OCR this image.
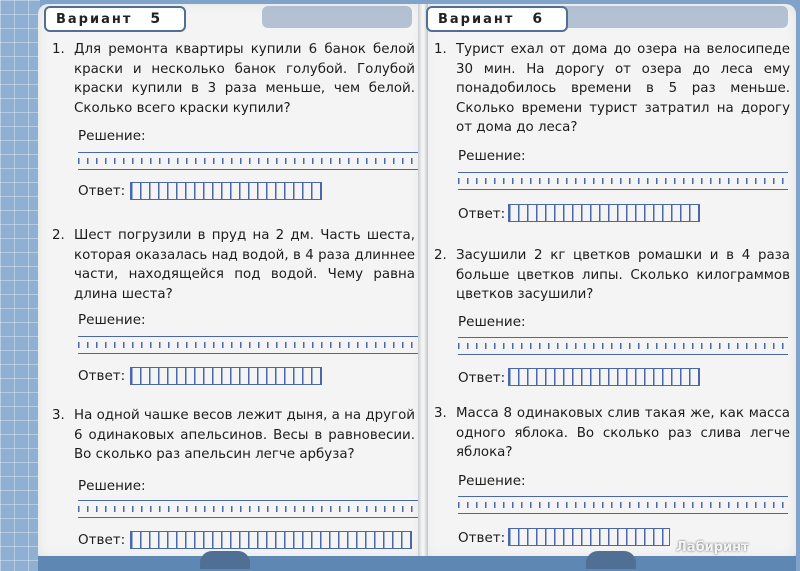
Вариант 5	Вариант 6
1. Для ремонта квартиры купили 6 банок белой краски и несколько банок голубой. Голубой краски купили в 3 раза меньше, чем белой. Сколько всего краски купили?
Решение:
Ответ:
2. Шест погрузили в пруд на 2 дм. Часть шеста, которая оказалась над водой, в 4 раза длиннее части, находящейся под водой. Чему равна длина шеста?
Решение:
Ответ:
3. На одной чашке весов лежит дыня, а на другой 6 одинаковых апельсинов. Весы в равновесии. Во сколько раз апельсин легче арбуза?
Решение:
Ответ:
1. Турист ехал от дома до озера на велосипеде 30 мин. На дорогу от озера до леса ему понадобилось времени в 5 раз меньше. Сколько времени турист затратил на дорогу от дома до леса?
Решение:
Ответ:
2. Засушили 2 кг цветков ромашки и в 4 раза больше цветков липы. Сколько килограммов цветков засушили?
Решение:
Ответ:
3. Масса 8 одинаковых слив такая же, как масса одного яблока. Во сколько раз слива легче яблока?
Решение:
Ответ:
Лабиринт
